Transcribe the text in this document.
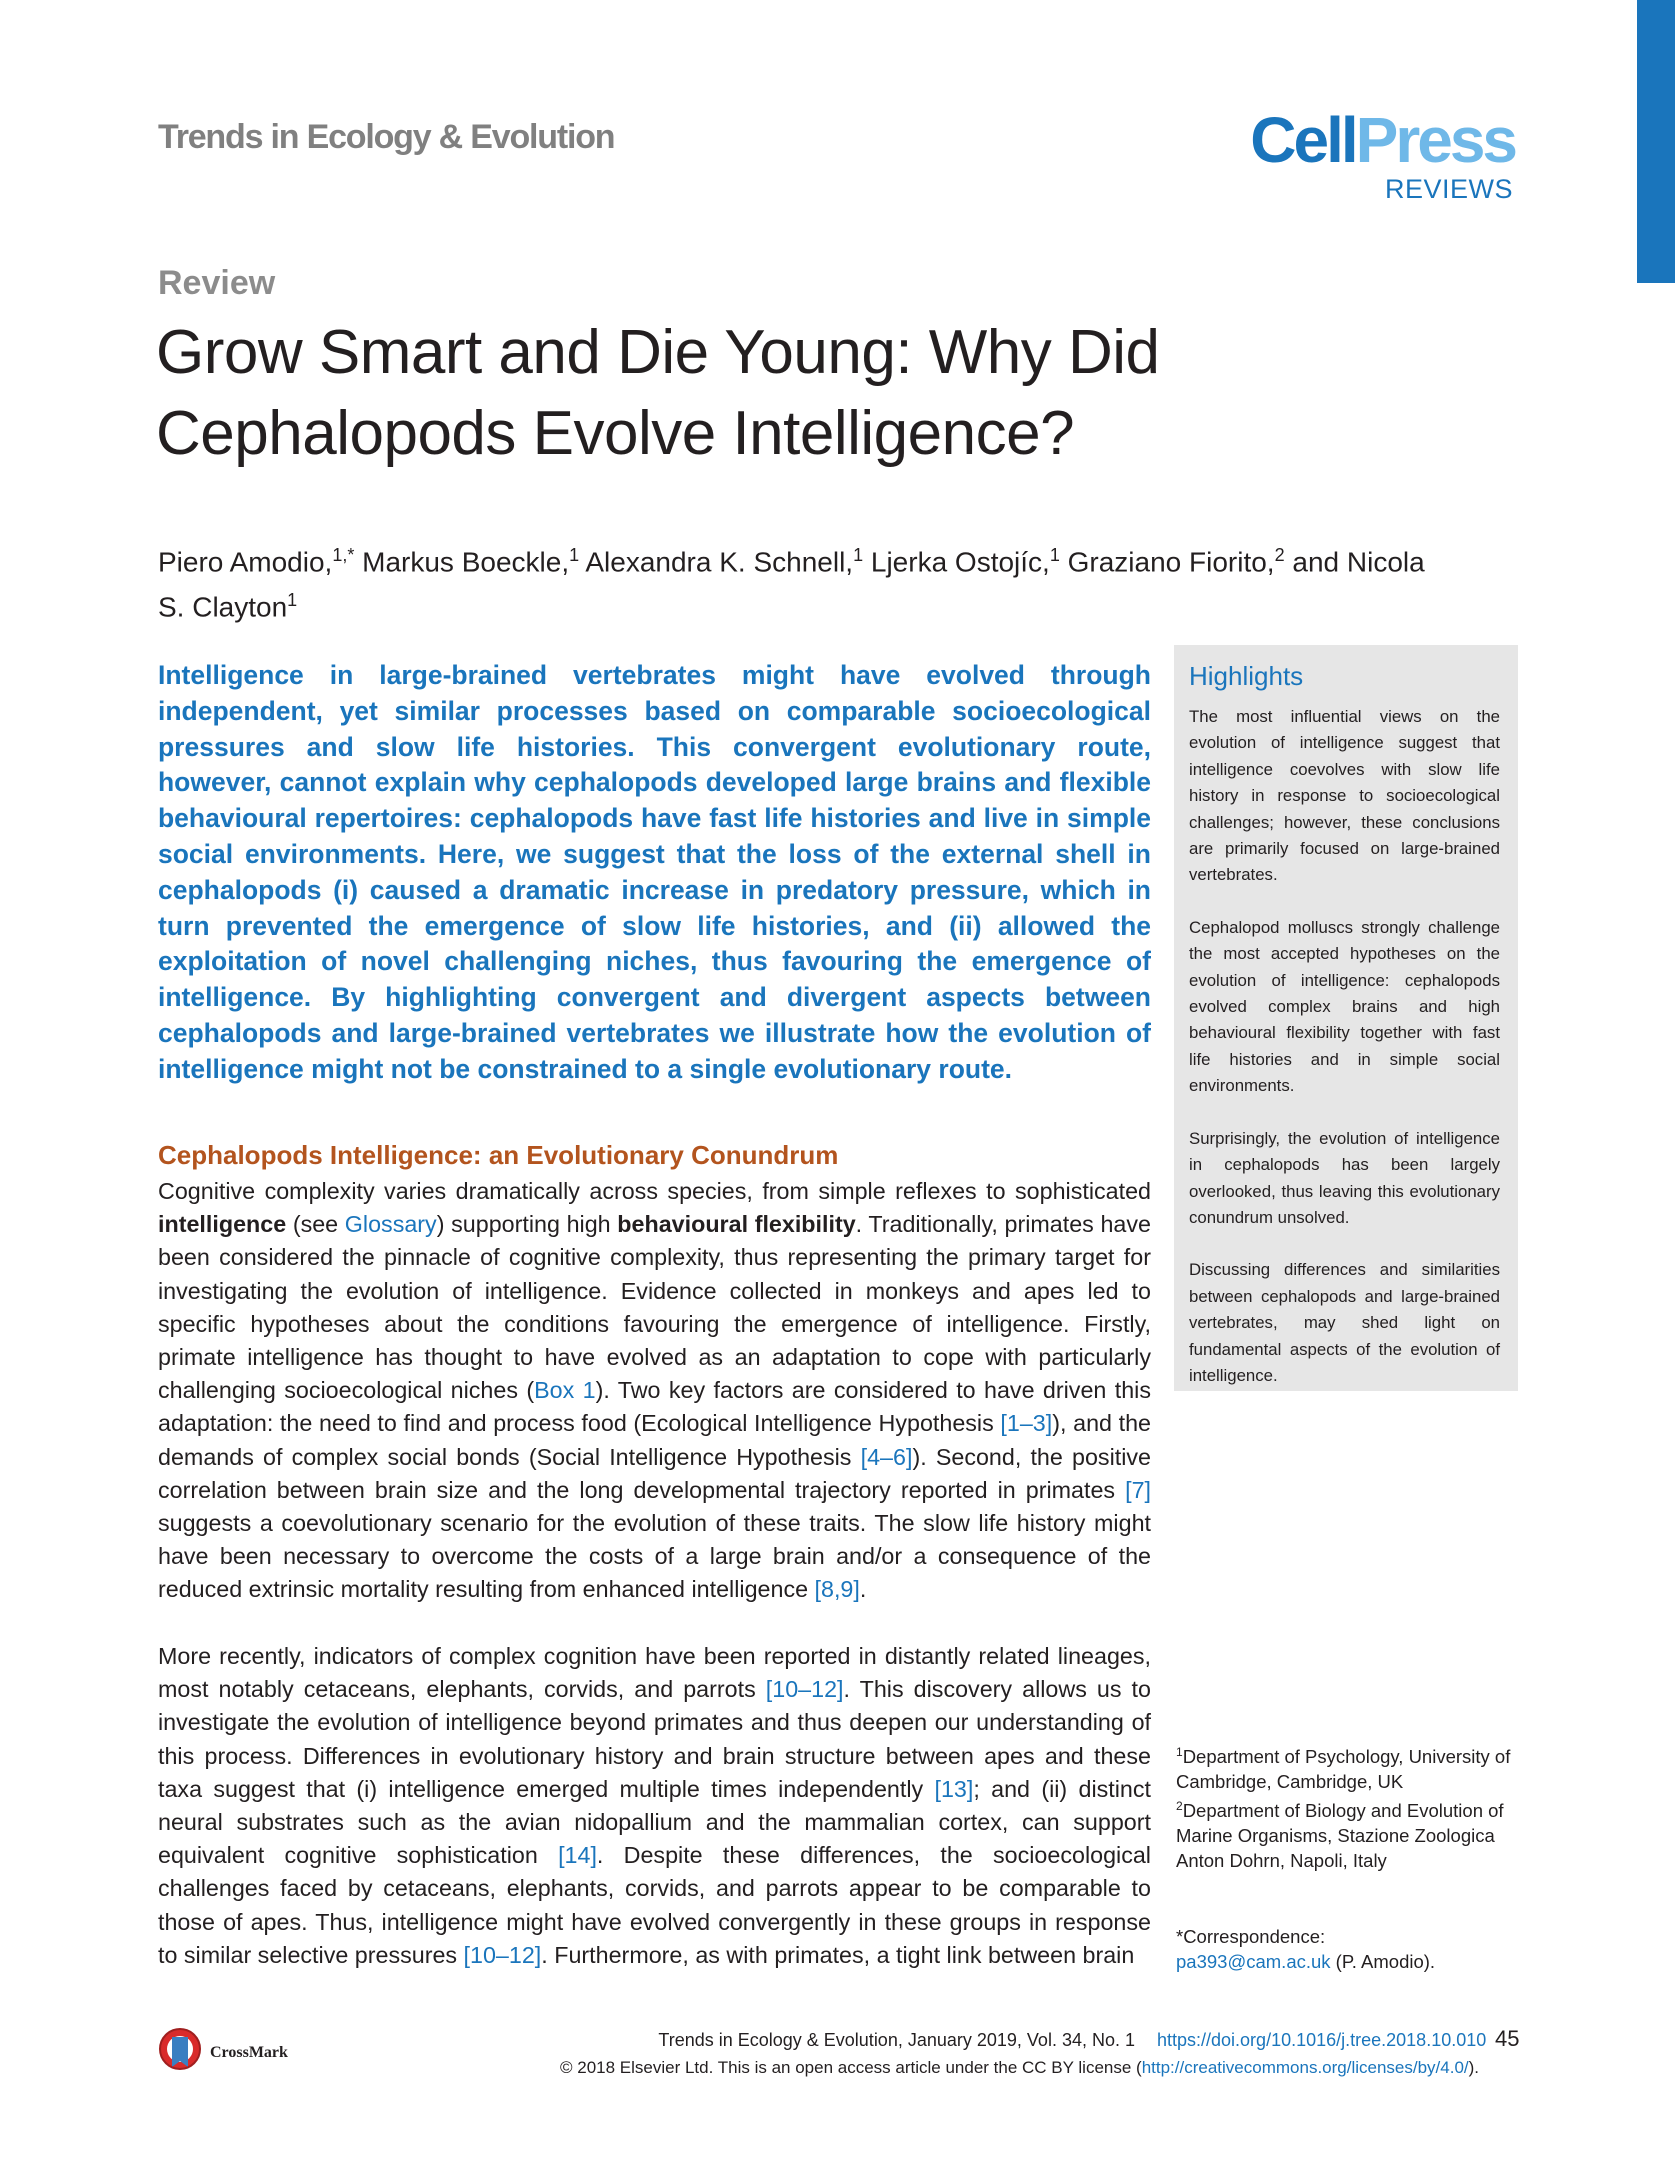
Trends in Ecology & Evolution	CellPress
REVIEWS
Review
Grow Smart and Die Young: Why Did Cephalopods Evolve Intelligence?
Piero Amodio,$^{1,*}$ Markus Boeckle,$^1$ Alexandra K. Schnell,$^1$ Ljerka Ostojíc,$^1$ Graziano Fiorito,$^2$ and Nicola S. Clayton$^1$
Intelligence in large-brained vertebrates might have evolved through independent, yet similar processes based on comparable socioecological pressures and slow life histories. This convergent evolutionary route, however, cannot explain why cephalopods developed large brains and flexible behavioural repertoires: cephalopods have fast life histories and live in simple social environments. Here, we suggest that the loss of the external shell in cephalopods (i) caused a dramatic increase in predatory pressure, which in turn prevented the emergence of slow life histories, and (ii) allowed the exploitation of novel challenging niches, thus favouring the emergence of intelligence. By highlighting convergent and divergent aspects between cephalopods and large-brained vertebrates we illustrate how the evolution of intelligence might not be constrained to a single evolutionary route.
Highlights

The most influential views on the evolution of intelligence suggest that intelligence coevolves with slow life history in response to socioecological challenges; however, these conclusions are primarily focused on large-brained vertebrates.

Cephalopod molluscs strongly challenge the most accepted hypotheses on the evolution of intelligence: cephalopods evolved complex brains and high behavioural flexibility together with fast life histories and in simple social environments.

Surprisingly, the evolution of intelligence in cephalopods has been largely overlooked, thus leaving this evolutionary conundrum unsolved.

Discussing differences and similarities between cephalopods and large-brained vertebrates, may shed light on fundamental aspects of the evolution of intelligence.

Cephalopods Intelligence: an Evolutionary Conundrum
Cognitive complexity varies dramatically across species, from simple reflexes to sophisticated intelligence (see Glossary) supporting high behavioural flexibility. Traditionally, primates have been considered the pinnacle of cognitive complexity, thus representing the primary target for investigating the evolution of intelligence. Evidence collected in monkeys and apes led to specific hypotheses about the conditions favouring the emergence of intelligence. Firstly, primate intelligence has thought to have evolved as an adaptation to cope with particularly challenging socioecological niches (Box 1). Two key factors are considered to have driven this adaptation: the need to find and process food (Ecological Intelligence Hypothesis [1–3]), and the demands of complex social bonds (Social Intelligence Hypothesis [4–6]). Second, the positive correlation between brain size and the long developmental trajectory reported in primates [7] suggests a coevolutionary scenario for the evolution of these traits. The slow life history might have been necessary to overcome the costs of a large brain and/or a consequence of the reduced extrinsic mortality resulting from enhanced intelligence [8,9].
More recently, indicators of complex cognition have been reported in distantly related lineages, most notably cetaceans, elephants, corvids, and parrots [10–12]. This discovery allows us to investigate the evolution of intelligence beyond primates and thus deepen our understanding of this process. Differences in evolutionary history and brain structure between apes and these taxa suggest that (i) intelligence emerged multiple times independently [13]; and (ii) distinct neural substrates such as the avian nidopallium and the mammalian cortex, can support equivalent cognitive sophistication [14]. Despite these differences, the socioecological challenges faced by cetaceans, elephants, corvids, and parrots appear to be comparable to those of apes. Thus, intelligence might have evolved convergently in these groups in response to similar selective pressures [10–12]. Furthermore, as with primates, a tight link between brain
$^1$Department of Psychology, University of Cambridge, Cambridge, UK
$^2$Department of Biology and Evolution of Marine Organisms, Stazione Zoologica Anton Dohrn, Napoli, Italy
*Correspondence:
pa393@cam.ac.uk (P. Amodio).
CrossMark
Trends in Ecology & Evolution, January 2019, Vol. 34, No. 1 https://doi.org/10.1016/j.tree.2018.10.010 45
© 2018 Elsevier Ltd. This is an open access article under the CC BY license (http://creativecommons.org/licenses/by/4.0/).
